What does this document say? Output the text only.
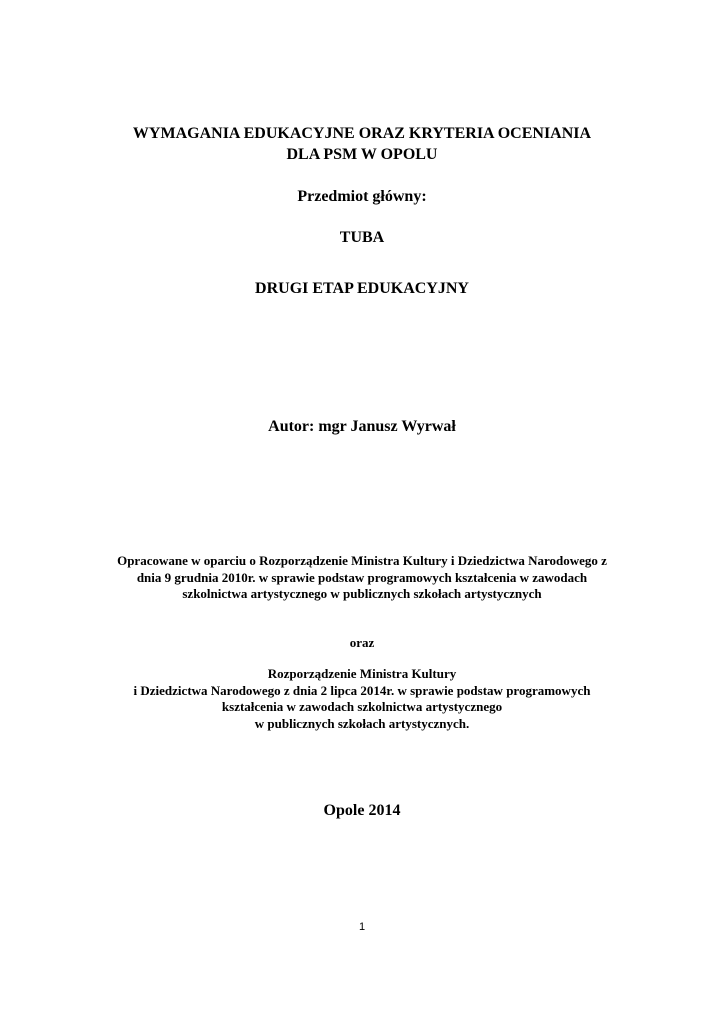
WYMAGANIA EDUKACYJNE ORAZ KRYTERIA OCENIANIA
DLA PSM W OPOLU
Przedmiot główny:
TUBA
DRUGI ETAP EDUKACYJNY
Autor: mgr Janusz Wyrwał
Opracowane w oparciu o Rozporządzenie Ministra Kultury i Dziedzictwa Narodowego z
dnia 9 grudnia 2010r. w sprawie podstaw programowych kształcenia w zawodach
szkolnictwa artystycznego w publicznych szkołach artystycznych
oraz
Rozporządzenie Ministra Kultury
i Dziedzictwa Narodowego z dnia 2 lipca 2014r. w sprawie podstaw programowych
kształcenia w zawodach szkolnictwa artystycznego
w publicznych szkołach artystycznych.
Opole 2014
1
